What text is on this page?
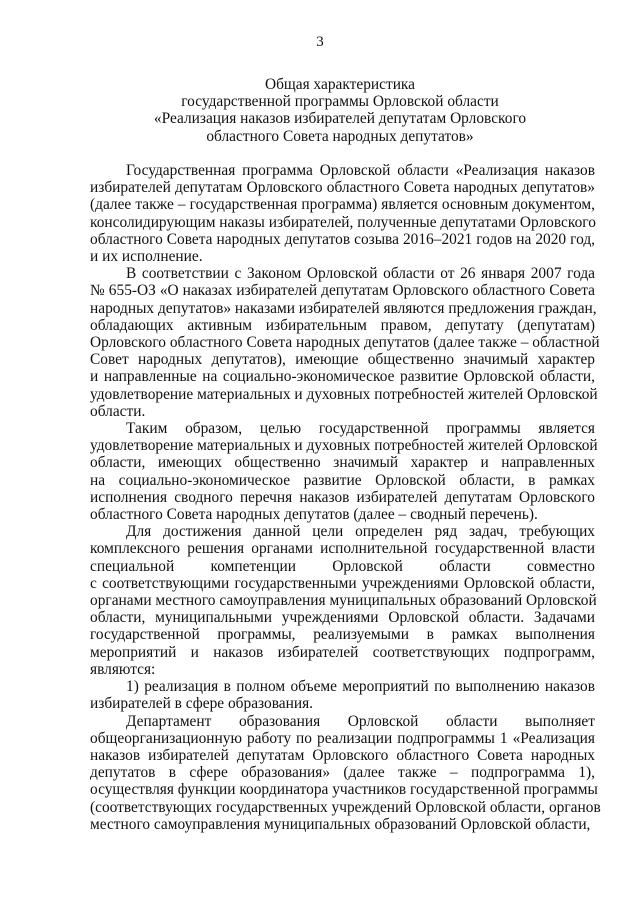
3
Общая характеристика
государственной программы Орловской области
«Реализация наказов избирателей депутатам Орловского
областного Совета народных депутатов»
Государственная программа Орловской области «Реализация наказов
избирателей депутатам Орловского областного Совета народных депутатов»
(далее также – государственная программа) является основным документом,
консолидирующим наказы избирателей, полученные депутатами Орловского
областного Совета народных депутатов созыва 2016–2021 годов на 2020 год,
и их исполнение.
В соответствии с Законом Орловской области от 26 января 2007 года
№ 655-ОЗ «О наказах избирателей депутатам Орловского областного Совета
народных депутатов» наказами избирателей являются предложения граждан,
обладающих активным избирательным правом, депутату (депутатам)
Орловского областного Совета народных депутатов (далее также – областной
Совет народных депутатов), имеющие общественно значимый характер
и направленные на социально-экономическое развитие Орловской области,
удовлетворение материальных и духовных потребностей жителей Орловской
области.
Таким образом, целью государственной программы является
удовлетворение материальных и духовных потребностей жителей Орловской
области, имеющих общественно значимый характер и направленных
на социально-экономическое развитие Орловской области, в рамках
исполнения сводного перечня наказов избирателей депутатам Орловского
областного Совета народных депутатов (далее – сводный перечень).
Для достижения данной цели определен ряд задач, требующих
комплексного решения органами исполнительной государственной власти
специальной компетенции Орловской области совместно
с соответствующими государственными учреждениями Орловской области,
органами местного самоуправления муниципальных образований Орловской
области, муниципальными учреждениями Орловской области. Задачами
государственной программы, реализуемыми в рамках выполнения
мероприятий и наказов избирателей соответствующих подпрограмм,
являются:
1) реализация в полном объеме мероприятий по выполнению наказов
избирателей в сфере образования.
Департамент образования Орловской области выполняет
общеорганизационную работу по реализации подпрограммы 1 «Реализация
наказов избирателей депутатам Орловского областного Совета народных
депутатов в сфере образования» (далее также – подпрограмма 1),
осуществляя функции координатора участников государственной программы
(соответствующих государственных учреждений Орловской области, органов
местного самоуправления муниципальных образований Орловской области,
